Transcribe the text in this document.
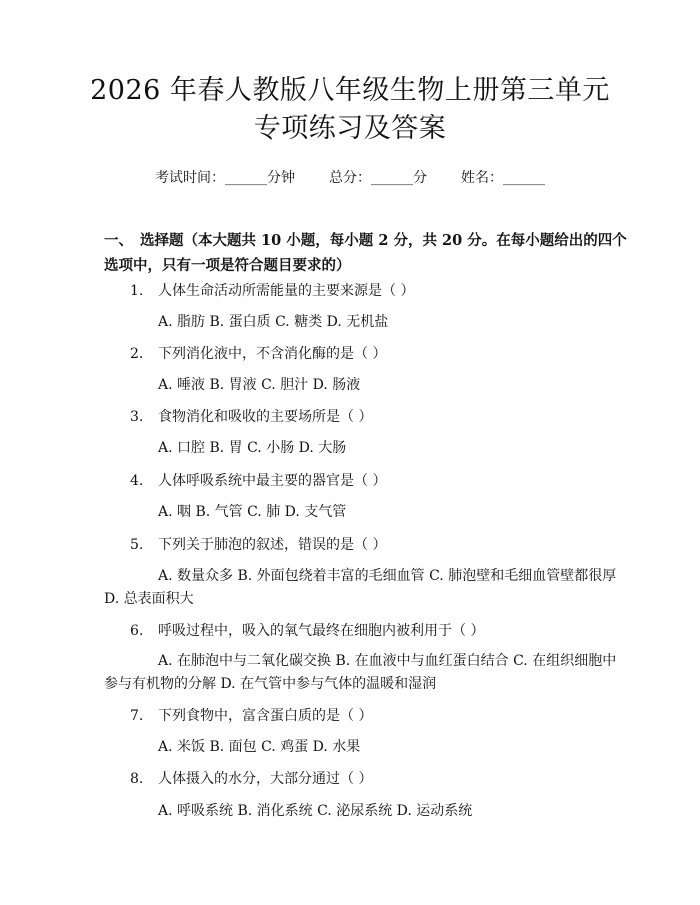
2026 年春人教版八年级生物上册第三单元专项练习及答案
考试时间：______分钟 总分：______分 姓名：______
一、 选择题（本大题共 10 小题，每小题 2 分，共 20 分。在每小题给出的四个选项中，只有一项是符合题目要求的）
1. 人体生命活动所需能量的主要来源是（ ）
A. 脂肪 B. 蛋白质 C. 糖类 D. 无机盐
2. 下列消化液中，不含消化酶的是（ ）
A. 唾液 B. 胃液 C. 胆汁 D. 肠液
3. 食物消化和吸收的主要场所是（ ）
A. 口腔 B. 胃 C. 小肠 D. 大肠
4. 人体呼吸系统中最主要的器官是（ ）
A. 咽 B. 气管 C. 肺 D. 支气管
5. 下列关于肺泡的叙述，错误的是（ ）
A. 数量众多 B. 外面包绕着丰富的毛细血管 C. 肺泡壁和毛细血管壁都很厚 D. 总表面积大
6. 呼吸过程中，吸入的氧气最终在细胞内被利用于（ ）
A. 在肺泡中与二氧化碳交换 B. 在血液中与血红蛋白结合 C. 在组织细胞中参与有机物的分解 D. 在气管中参与气体的温暖和湿润
7. 下列食物中，富含蛋白质的是（ ）
A. 米饭 B. 面包 C. 鸡蛋 D. 水果
8. 人体摄入的水分，大部分通过（ ）
A. 呼吸系统 B. 消化系统 C. 泌尿系统 D. 运动系统
